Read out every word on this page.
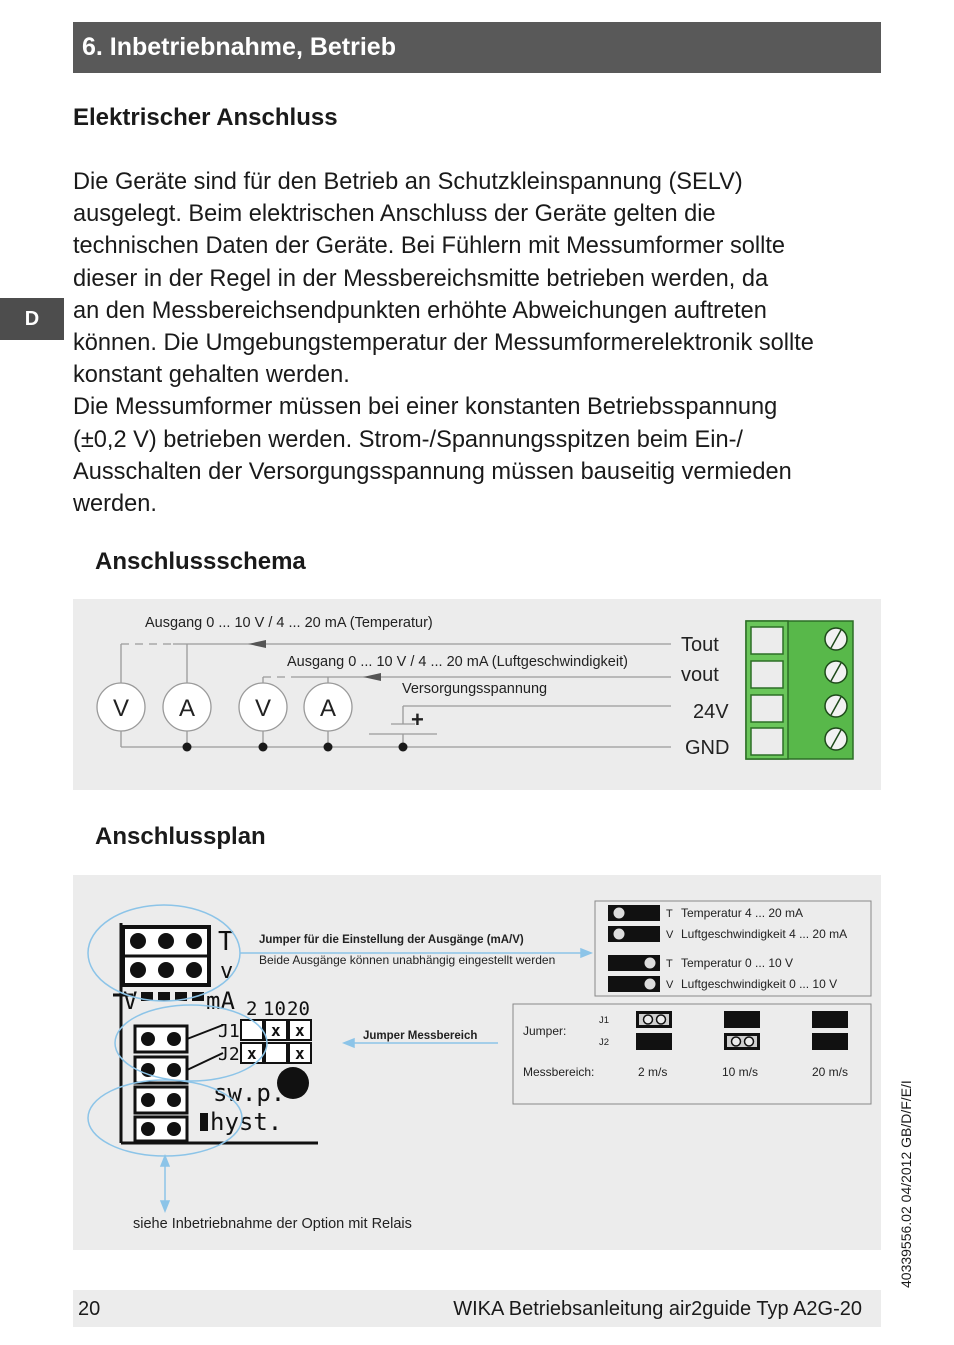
6. Inbetriebnahme, Betrieb
D
Elektrischer Anschluss

Die Geräte sind für den Betrieb an Schutzkleinspannung (SELV)

ausgelegt. Beim elektrischen Anschluss der Geräte gelten die

technischen Daten der Geräte. Bei Fühlern mit Messumformer sollte

dieser in der Regel in der Messbereichsmitte betrieben werden, da

an den Messbereichsendpunkten erhöhte Abweichungen auftreten

können. Die Umgebungstemperatur der Messumformerelektronik sollte

konstant gehalten werden.

Die Messumformer müssen bei einer konstanten Betriebsspannung

(±0,2 V) betrieben werden. Strom-/Spannungsspitzen beim Ein-/

Ausschalten der Versorgungsspannung müssen bauseitig vermieden

werden.

Anschlussschema
V A V A	+
Ausgang 0 ... 10 V / 4 ... 20 mA (Temperatur)
Ausgang 0 ... 10 V / 4 ... 20 mA (Luftgeschwindigkeit)
Versorgungsspannung
Tout
vout
24V
GND
Anschlussplan
T
v
V	mA 2 10 20
J1
J2
x x
x x
sw.p.
hyst.
Jumper für die Einstellung der Ausgänge (mA/V)
Beide Ausgänge können unabhängig eingestellt werden
Jumper Messbereich
siehe Inbetriebnahme der Option mit Relais
T Temperatur 4 ... 20 mA
V Luftgeschwindigkeit 4 ... 20 mA
T Temperatur 0 ... 10 V
V Luftgeschwindigkeit 0 ... 10 V
Jumper:
J1
J2
Messbereich:	2 m/s	10 m/s	20 m/s
20	WIKA Betriebsanleitung air2guide Typ A2G-20
40339556.02 04/2012 GB/D/F/E/I
